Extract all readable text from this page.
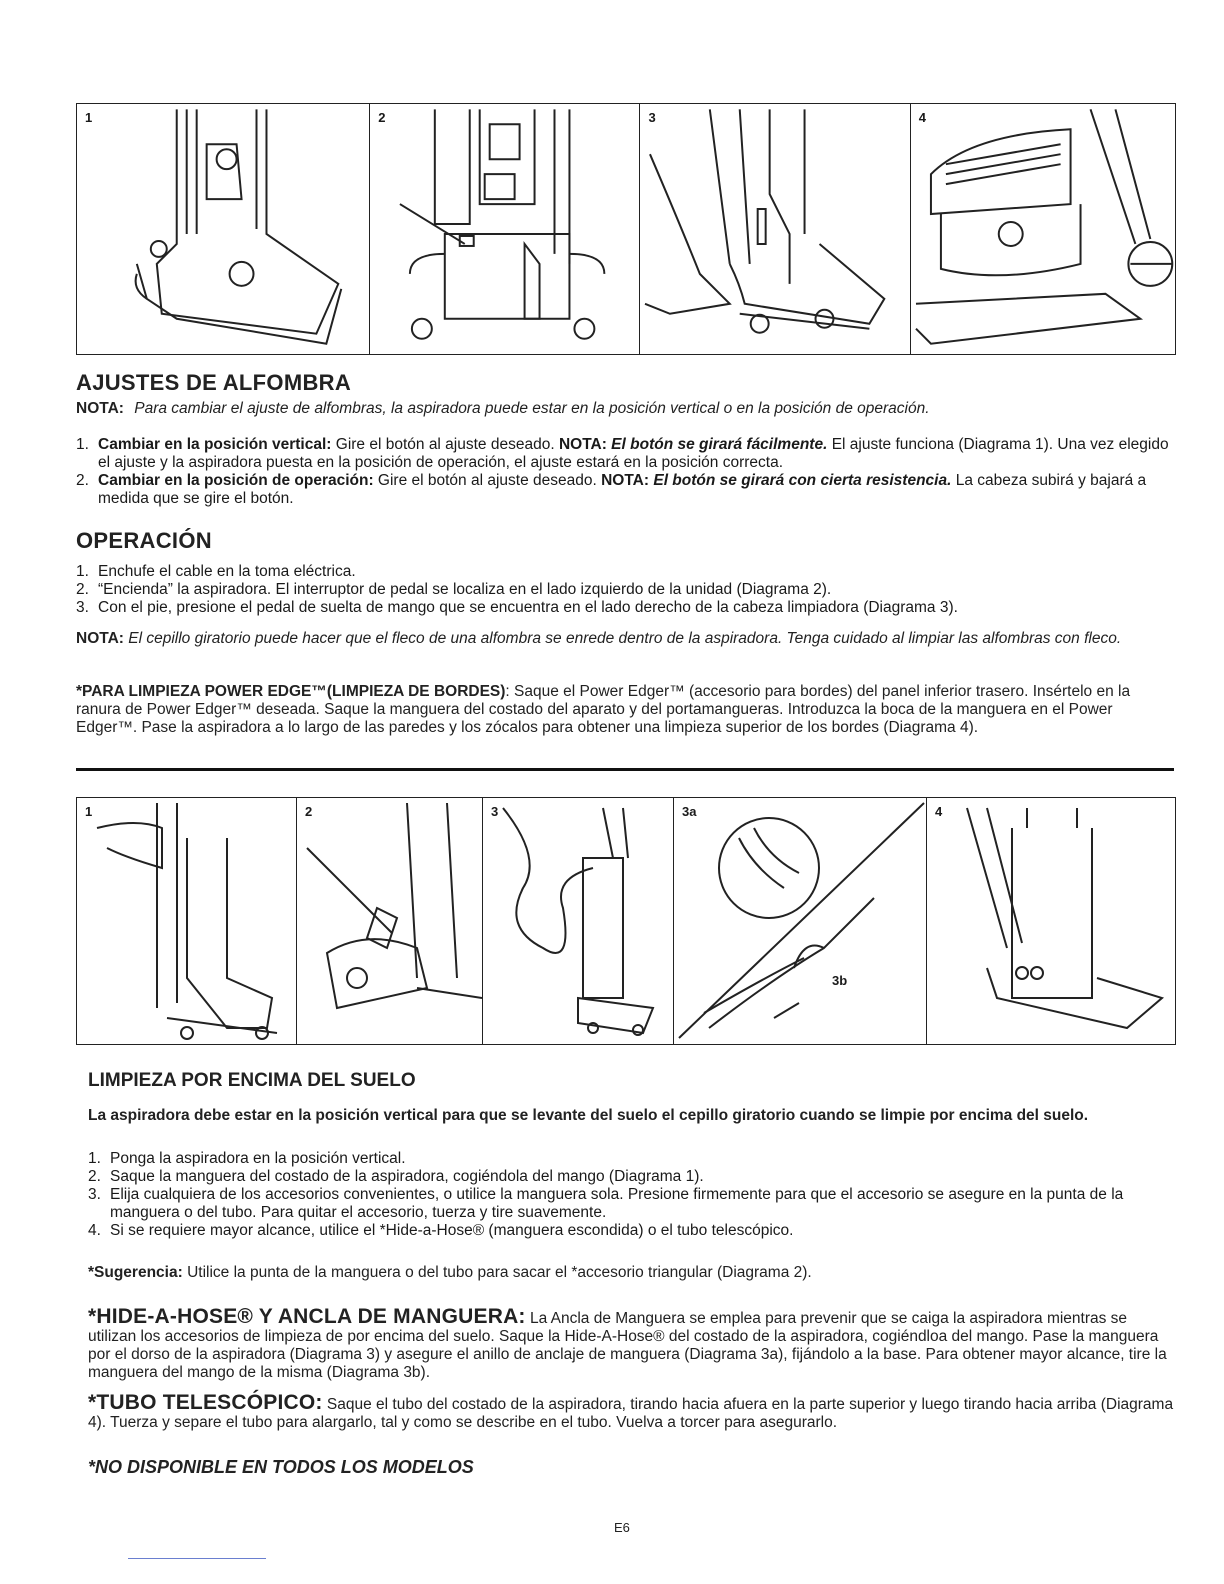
1	2	3	4
AJUSTES DE ALFOMBRA
NOTA: Para cambiar el ajuste de alfombras, la aspiradora puede estar en la posición vertical o en la posición de operación.
1. Cambiar en la posición vertical: Gire el botón al ajuste deseado. NOTA: El botón se girará fácilmente. El ajuste funciona (Diagrama 1). Una vez elegido el ajuste y la aspiradora puesta en la posición de operación, el ajuste estará en la posición correcta.
2. Cambiar en la posición de operación: Gire el botón al ajuste deseado. NOTA: El botón se girará con cierta resistencia. La cabeza subirá y bajará a medida que se gire el botón.
OPERACIÓN
1. Enchufe el cable en la toma eléctrica.
2. “Encienda” la aspiradora. El interruptor de pedal se localiza en el lado izquierdo de la unidad (Diagrama 2).
3. Con el pie, presione el pedal de suelta de mango que se encuentra en el lado derecho de la cabeza limpiadora (Diagrama 3).
NOTA: El cepillo giratorio puede hacer que el fleco de una alfombra se enrede dentro de la aspiradora. Tenga cuidado al limpiar las alfombras con fleco.
*PARA LIMPIEZA POWER EDGE™(LIMPIEZA DE BORDES): Saque el Power Edger™ (accesorio para bordes) del panel inferior trasero. Insértelo en la ranura de Power Edger™ deseada. Saque la manguera del costado del aparato y del portamangueras. Introduzca la boca de la manguera en el Power Edger™. Pase la aspiradora a lo largo de las paredes y los zócalos para obtener una limpieza superior de los bordes (Diagrama 4).
1	2	3	3a
3b
4
LIMPIEZA POR ENCIMA DEL SUELO
La aspiradora debe estar en la posición vertical para que se levante del suelo el cepillo giratorio cuando se limpie por encima del suelo.
1. Ponga la aspiradora en la posición vertical.
2. Saque la manguera del costado de la aspiradora, cogiéndola del mango (Diagrama 1).
3. Elija cualquiera de los accesorios convenientes, o utilice la manguera sola. Presione firmemente para que el accesorio se asegure en la punta de la manguera o del tubo. Para quitar el accesorio, tuerza y tire suavemente.
4. Si se requiere mayor alcance, utilice el *Hide-a-Hose® (manguera escondida) o el tubo telescópico.
*Sugerencia: Utilice la punta de la manguera o del tubo para sacar el *accesorio triangular (Diagrama 2).
*HIDE-A-HOSE® Y ANCLA DE MANGUERA: La Ancla de Manguera se emplea para prevenir que se caiga la aspiradora mientras se utilizan los accesorios de limpieza de por encima del suelo. Saque la Hide-A-Hose® del costado de la aspiradora, cogiéndloa del mango. Pase la manguera por el dorso de la aspiradora (Diagrama 3) y asegure el anillo de anclaje de manguera (Diagrama 3a), fijándolo a la base. Para obtener mayor alcance, tire la manguera del mango de la misma (Diagrama 3b).
*TUBO TELESCÓPICO: Saque el tubo del costado de la aspiradora, tirando hacia afuera en la parte superior y luego tirando hacia arriba (Diagrama 4). Tuerza y separe el tubo para alargarlo, tal y como se describe en el tubo. Vuelva a torcer para asegurarlo.
*NO DISPONIBLE EN TODOS LOS MODELOS
E6
